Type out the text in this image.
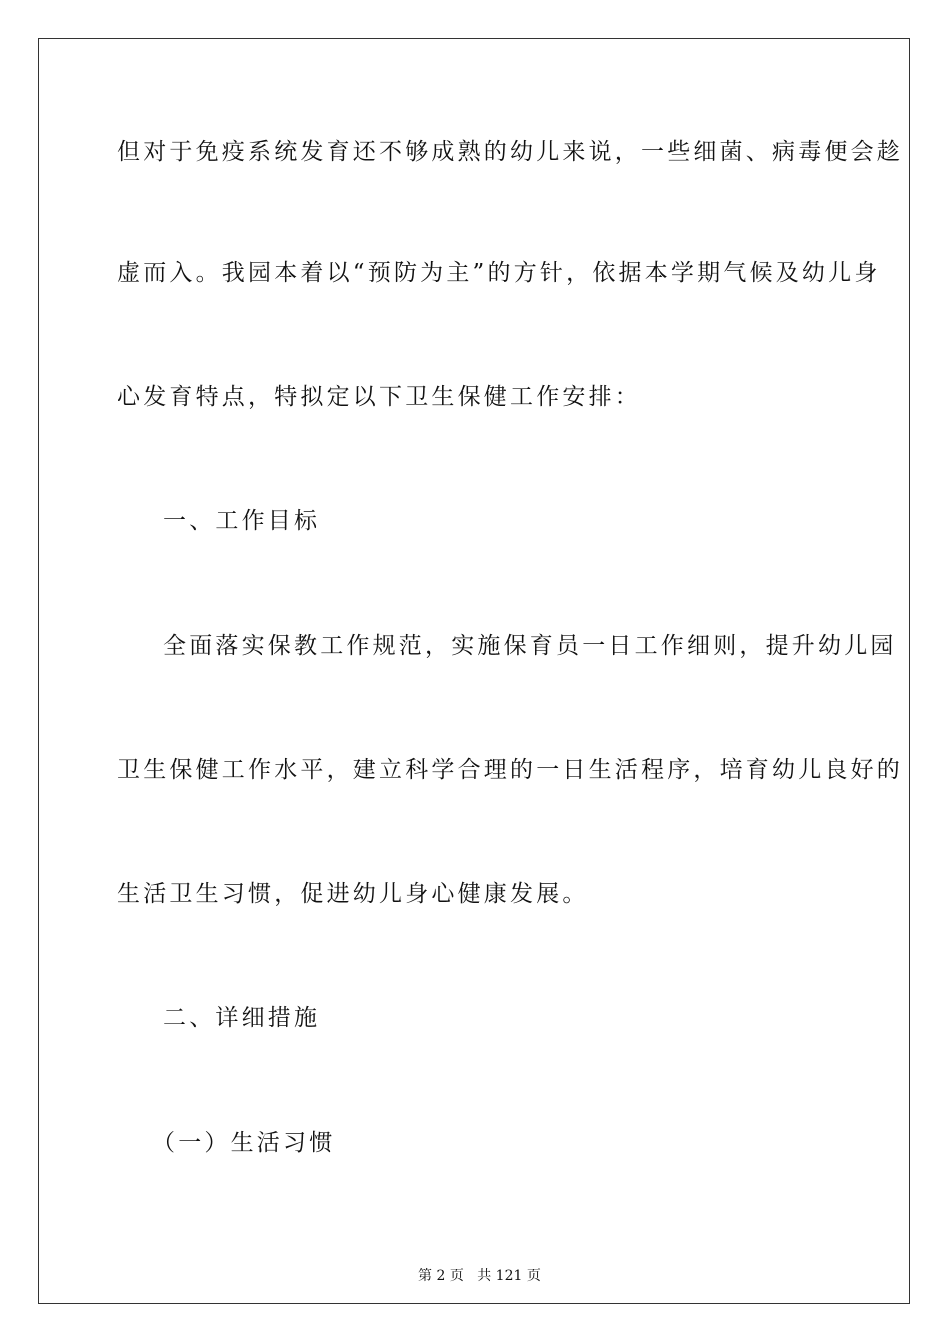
但对于免疫系统发育还不够成熟的幼儿来说，一些细菌、病毒便会趁
虚而入。我园本着以“预防为主”的方针，依据本学期气候及幼儿身
心发育特点，特拟定以下卫生保健工作安排：
一、工作目标
全面落实保教工作规范，实施保育员一日工作细则，提升幼儿园
卫生保健工作水平，建立科学合理的一日生活程序，培育幼儿良好的
生活卫生习惯，促进幼儿身心健康发展。
二、详细措施
（一）生活习惯

第 2 页 共 121 页
